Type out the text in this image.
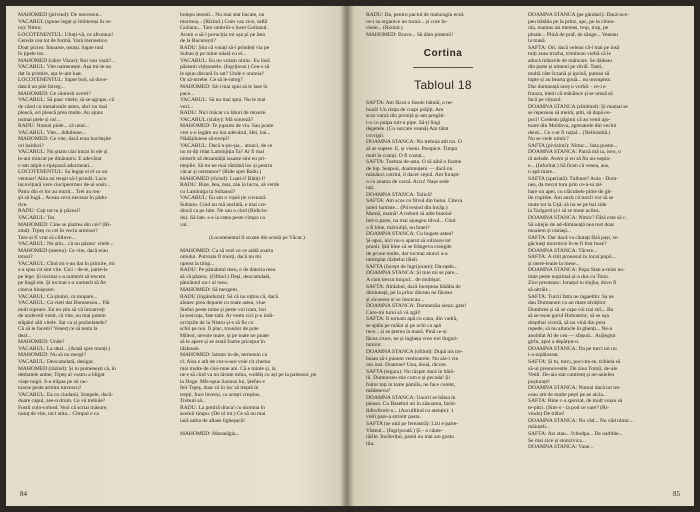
MAHOMED (privind): De neuvezut...
VACARUL (spune legat și îmbiereși în se-
ns): Nimic.
LOCOTENENTUL: Ultați-vă, ce afrontuz!
Cereda cea tot de formă. Vară menuetice.
Doar piciea. Întoarse, ostași. Sapte tuni
în țipele tot...
MAHOMED (către Văcar): Boi vau vază?...
VACARUL: Vite oamenește. Așa mi-le-au
dat în primire, așa le-am luat.
LOCOTENENTUL: Sapte boii, să dove-
dască un pile întreg...
MAHOMED: Ce căuresti averti?
VACARUL: Să pasc vitele, să se-agrape, că
de când cu mesalonile astea, abci nu mai
pleacă, ori pleacă prea multe. Au ajuns
numai piele și os!...
RADU: Numai piele... că unul...
VACARUL: Vite... ddhibuoe...
MAHOMED: Ce vite, dacă erau bordușite
ori haiduci?
VACARUL: Nu știam ciar intrat în ele și
le-ani mincat pe dinăuntru. E adevărat
c-am atipit o tipișoară adormeati...
LOCOTENENTUL: Sa legați el el ca un
ventuar! Abia au reușit să-l prindă. Lucu
incovițiară vere ciucipeormer de-ai sosit...
Patru din ei lor au murit... Trei au reu-
șit să fugă... Aveau ceva necesar în pădu-
rice.
RADU: Cați tot tu ți păzeai?
VACARUL: Tot.
MAHOMED: Cine se piatrea din cei? (Ri-
zind). Trpeș cu cei în vecin armisor?
Tare ai fi vrut să cillinve...
VACARUL: Nu știu... că nu păzesc vitele...
MAHOMED (mereu): Ce vite, dacă erau
totusi?
VACARUL: Cînd mi s-au dat în primire, mi
s-a spus cit sint vite. Cici - de-te, parte-le
pe lege. Și tocmai s-a numerit să trecem
pe lingă ele. Și tocmai s-a numerit să fie
cineva binișoare.
VACARUL: Ca știului, ca tonpare...
VACARUL: Ca vieti dat Dumnesou... Păi
mult topeare. Eu nu știu să vă întoarceți
de undeveli venit, că vite, nu mai putem
stăpâni săli vitele. Sar ca și pozbelanele?
Că să le facem? Venerț ce să tenta la
deal...
MAHOMED: Unde?
VACARUL: La deal... (Arată spre munți.)
MAHOMED: Nu să nu mergi?
VACARUL: Deocamdată, desigur.
MAHOMED (râzind): Și tu pomenești că, în
desbatele antne, Trpeș al vostru a bligat
viațe nugii. S-a trăpas pe sii rac-
toarse peste armini turcescu?
VACARUL: Ea cu ciudanii, Sunpele, dacă-
doare capul, zee-n drum. Ce vă trebuie?
Fostli colo-colosd. Vezi că scriai mâsure,
nutuț de vite, nici atita... Cimpul e ca
bolepu iesesti... Nu mai stat bucate, nu
mormoș... (Rîzind.) Cum vaz zice, saftă
Golianu... Tare umbrili-s încet Golianul.
Acum o să-l poruciția tot așa pi pe ăsta
de la Bucureyti?
RADU: Știa că voiați să-l prindeți via pe
Sultan ți pe mine odată cu el...
VACARUL: Eu nu voiam nimic. Eu însă
păzeam vițișoarele. (Ingrijorat.) Ceu-s să
le spun discară în sat? Unde e orareia?
Or să-ntrebe. Ce să le-ntreg?
MAHOMED: Să-i mai spui să le lase în
pace...
VACARUL: Să nu mai spui. Nu le mai
vezi...
RADU: Nici măcar cu lături de moarte.
VACARUL (slaby): Mă sonreză?
MAHOMED: Te jupuim de viu. Sau poate
vrei s-o legăm nu loa adevărul, Hei, hai...
Nădăjduiese să-nvepi?
VACARUL: Dacă n-po-șia... atunci, de ce
nu m-ăți ridat Laminjiția Ta? Ar fi mai
nimerit să dezamăiță iasaste sint eu pri-
mejdie. Să tot ne mai rămână loc și pentru
văcar și ostreanor? (Ride spre Radu.)
MAHOMED (rîzind): Luati-l! Bătiți-l!
RADU: Bine, bea, mai, zău la lucru, să verde
cu Laminițța ta Sultanul?
VACARUL: Eu am o vișeă ție cuvează
Sultanu. Cind nu mă anchită, e mai cre-
dincă ca pe hite. Ne sau o cind (Ridicin-
du). Să iate. s-e ia ratea peste cimpo ca
vai.

(Locotenentul îl scoate din scenă pe Văcar.)

MAHOMED: Ca să vezi ce ce atâtă soarta
omului. Putroaia fi morți, dacă nu mi
oprest la timp...
RADU: Pe pământul meu, e de datoria mea
să vă păzesc. (Oftînd.) Deși, deocamdată,
pământul nu-i al meu.
MAHOMED: Să mergem.
RADU (îngândurat): Să că nu nițtus că, dacă
alunec prea deparie cu toate astea, viue
Stefan peste mine și peste voi tram, boi
la sesicuța, fate tatii. Ar vestn cici p-n indi-
orvițzile de la Nistru și-s să fie cu
schii pe noi. Îl plac, trouslor de pote
Mileni, nevoie mare, și pe toate ne poate
să le apere și se arată foarte priceput în
războaie.
MAHOMED: Istram in-de, termenin ca
cl. Aisa e atît de cut-o-ace voie cit chemu
mai multe de ciui-mne ani. Că e minte și, la
ne e să cind va nu tăvate mîna, voddiș cu ași pe la palesnoi, pe
la Doge. Mîs-spus Sanuus lui, Ștefan e
feit Trpeș, doar că în loc să treptă în
trepți, fuce înverși, ca acești creștins.
Trebuii să...
RADU: La pottiră draca! cu domnia în
aceluii timpu. (De ul tot.) Ce să nu mai
iasă sabia de allase ligheșacă!

MAHOMED: Maranăgia...
84
RADU: Da, pentru pactul de maturagiu eceă
ce-i sa organice un turnir... și cure în-
cheie... (Rizind.)
MAHOMED: Bravo... Să dăm pintenii!
Cortina
Tabloul 18
SAFTA: Am făcut o fasole bătută, o ne-
bună! Un ristța de cuspi prăjiți. Am
scos varză din pivniță și-am pregăti-
t-o cu pulpa ruit-a pipe. Să-ți lingi
degetele. (Cu surcare veană) Am tătat
covrigii.
DOAMNA STANCA: Nu trebuia atît tot. O
să se supere. E, și viseni. Postpice. Timpa
mult la coanți. O fi costat...
SAFTA: Toemai de-asta. O să aibă o foame
de lup. Seapoii, doamnuțeni — dacă nu
mănânci cotriul, il dacer cepul. Am furașit-
o cu zeama de varză. Acru! Nașe sede
iuți.
DOAMNA STANCA: Tolică?
SAFTA: Am scos cu fitvul din butoi. Citeva
țuieri lumiste... (Privesind din încăp.)
Mamă, mamă! A trebuit să aibe butoiul
într-o parte, na mai ajungeo tilvul... Cind
o fi bine, măriuliță, nu butei?
DOAMNA STANCA: Cu bugete astea?
Și-apoi, nici nu-n aparut să rolizeze tot
prunii. Știi bine că se frângeva crengile
de prune multe, dar tocmai atunci a-a
intimplat răzbelui lăleli.
SAFTA (încept de îngrijorare): Da-nțele...
DOAMNA STANCA: Și mie mi se pare...
A cum trecut timpul... de multișor.
SAFTA: Alrăabul, dacă începeau bătălia de
dimineață, pe la prînz dăcean ne făceau
și zicoerea ni se întorcau...
DOAMNA STANCA: Dumnezău sieza: gata!
Cure-mi turui să vă zgâl!
SAFTA: Îi turnam apă cu cana, din vadră,
se spăla pe mâini și pe ochi ca apă
rece... și se pterea la masă. Pină ce-și
făcea cruce, ne și îngheța vreo trei linguri-
tuturor.
DOAMNA STANCA (oftind): După nis tre-
buiau să-i punem venitoarele. Nu ala-i vin
om iost. Doamne! Una, două, răcore.
SAFTA (tegara): Nu răzpte dacă în bătă-
lii. Dumnezeu stie cum e și pecada! Și
foitor toți in toate pămîla, ne face curent,
mădeseva?
DOAMNA STANCA: Unorri se bătea în
pleasu. Cu Basebul uti în zăsuarea, fachi-
Ildiwfrorit-o... (Asculftind cu atenție): 1
vreli pare-a strinitr pasta.
SAFTA (se uită pe fereastră): Lizi e parte-
Visteul... (Ingrijorată.) Și - o cânte-
rările. Încilerițul, pareă nu mai are gustu
iila.
DOAMNA STANCA (pe gânduri): Dacă-nce-
peu bătălia pe la prinz, apc, pe la chinu-
ola, mamas asi mereas, trop, trup, pe
ploaie... Plină de praf, de sânge... Veneau
la masă.
SAFTA: Ori, dacă veleau că-i mai pe insă
tuiți zeau trozha, trimiteau vorbă că le
aducă mâncele de mâncare. Se dădeau
din parte și nimeni pe râvăl. Tanti,
multă câte Iczană și ipcină, puteau să
lupte și au bearta gouă... nu onouptea.
Dar dumneață aceș u vorbă: - ce-i e
frunza, bietii că mânânce și se umsă să
facă pe vițuzul.
DOAMNA STANCA (zîmbind): Și mamai se
se repezeau să meiră, știti, să dapă eo-
poci! Credeau păginii că au venit ajo-
toare din Moldova, agresarele din vecini
dend... Ce s-ar fi ruțial... (Nelinistită.)
Nu se vede nimic?
SAFTA (pivizinti): Nimic... lista pustie...
DOAMNA STANCA: Parcă mă ia, iseo, o
ră nelade. Avem și eu să fiu un-oopin-
e... (Inforitat.) Să ficen că venea, aos,
o apă mare...
SAFTA (speriată): Tulbure? Aoia - Dom-
nea, da trecut turu prin ce-a-ui tal-
bare un apei, cu ciăcubele pline de gh-
ile copiiite. Am auzit că turcii vor să se
mute tot la Ușă; să nu se pe bal zide
la Tarigord și-i să se mute acilea.
DOAMNA STANCA: Nimic? Fără cete să c.
Să uitejie de ad-dimineață nea tost doar
moaiem și ceaiași...
SAFTA: Dar dacă va căutați fără pași, re-
găcineți mocmrce în-te fi fost bose?
DOAMNA STANCA: Tăcere...
SAFTA: A citit pronosul în local pupii...
și mere-leaiie la mese...
DOAMNA STANCA: Popa Stan a-miss no-
imie peste noprinsă și-a dus cu Tono.
Zice preoteasc: Ionațul tu slujba, dovo fi
să-aitrăit...
SAFTA: Turcii fatta ne ragaeltin: Sa ne
dau Dumneum cu an mare alvățitor
Dumbrea și să se cape cui trai stri... Ba
să se-nsoe gorul Hobotezic, să se ușa
dreptbai viceză, să nu vină din prea
repede, să nu altuncie în ghenți... Ne-a
anobilat Al de cea — sfașuil... Aujlegtui
girlu, apoi a depărțut-o.
DOAMNA STANCA: Da pe turci tot nu
i-a-nipăloseat.
SAFTA: Și tu, turci, poci-mi-te, tribiela să
să-ui presnovestie. De ziua Tomii, de-ale
Vedii. De-aia stat contrenț și ne-anieleu
pușturațe!
DOAMNA STANCA: Numai dacă tot tre-
ceau atit de multe pești pe ae aicia...
SAFTA: Bine c-a spoviat, de mult voiau să
te-pitci. (Sint-o - la pod ce vare? (Ri-
vindu) De trăhu!
DOAMNA STANCA: Nu văd... Nu văd nimic...
măiuțeli...
SAFTA: Azi stau... Ivbodpa... De oarbble...
Se mai zice și stonzivica...
DOAMNA STANCA: Vaue...
85
